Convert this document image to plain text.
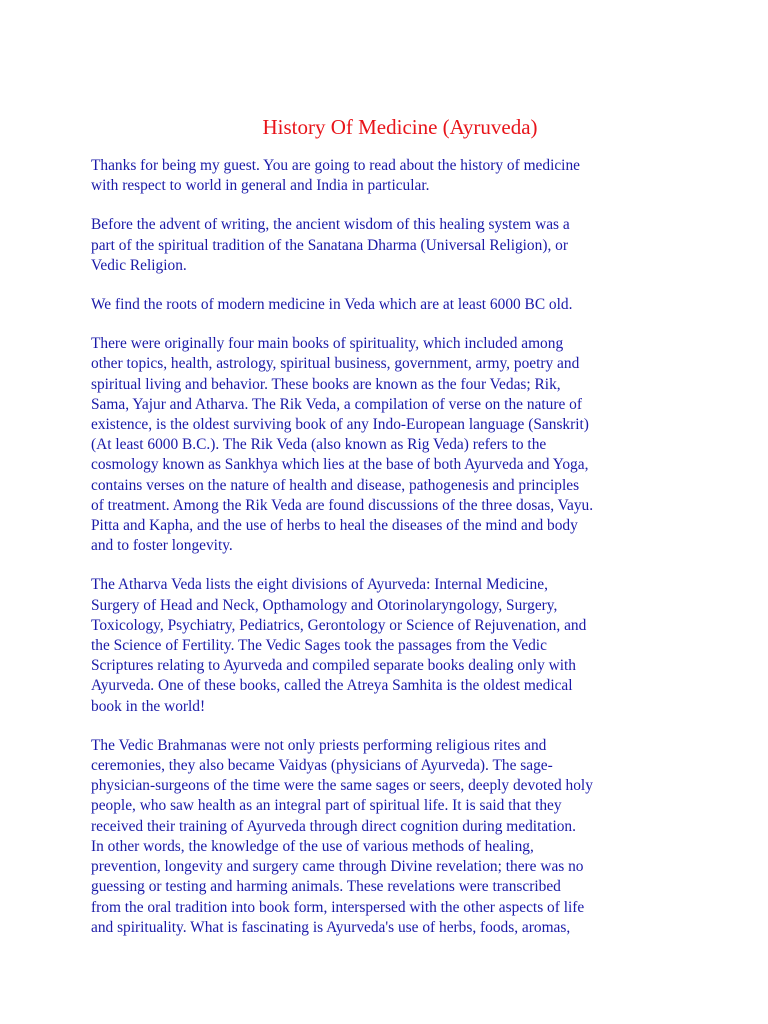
History Of Medicine (Ayruveda)

Thanks for being my guest. You are going to read about the history of medicine
with respect to world in general and India in particular.

Before the advent of writing, the ancient wisdom of this healing system was a
part of the spiritual tradition of the Sanatana Dharma (Universal Religion), or
Vedic Religion.

We find the roots of modern medicine in Veda which are at least 6000 BC old.

There were originally four main books of spirituality, which included among
other topics, health, astrology, spiritual business, government, army, poetry and
spiritual living and behavior. These books are known as the four Vedas; Rik,
Sama, Yajur and Atharva. The Rik Veda, a compilation of verse on the nature of
existence, is the oldest surviving book of any Indo-European language (Sanskrit)
(At least 6000 B.C.). The Rik Veda (also known as Rig Veda) refers to the
cosmology known as Sankhya which lies at the base of both Ayurveda and Yoga,
contains verses on the nature of health and disease, pathogenesis and principles
of treatment. Among the Rik Veda are found discussions of the three dosas, Vayu.
Pitta and Kapha, and the use of herbs to heal the diseases of the mind and body
and to foster longevity.

The Atharva Veda lists the eight divisions of Ayurveda: Internal Medicine,
Surgery of Head and Neck, Opthamology and Otorinolaryngology, Surgery,
Toxicology, Psychiatry, Pediatrics, Gerontology or Science of Rejuvenation, and
the Science of Fertility. The Vedic Sages took the passages from the Vedic
Scriptures relating to Ayurveda and compiled separate books dealing only with
Ayurveda. One of these books, called the Atreya Samhita is the oldest medical
book in the world!

The Vedic Brahmanas were not only priests performing religious rites and
ceremonies, they also became Vaidyas (physicians of Ayurveda). The sage-
physician-surgeons of the time were the same sages or seers, deeply devoted holy
people, who saw health as an integral part of spiritual life. It is said that they
received their training of Ayurveda through direct cognition during meditation.
In other words, the knowledge of the use of various methods of healing,
prevention, longevity and surgery came through Divine revelation; there was no
guessing or testing and harming animals. These revelations were transcribed
from the oral tradition into book form, interspersed with the other aspects of life
and spirituality. What is fascinating is Ayurveda's use of herbs, foods, aromas,
